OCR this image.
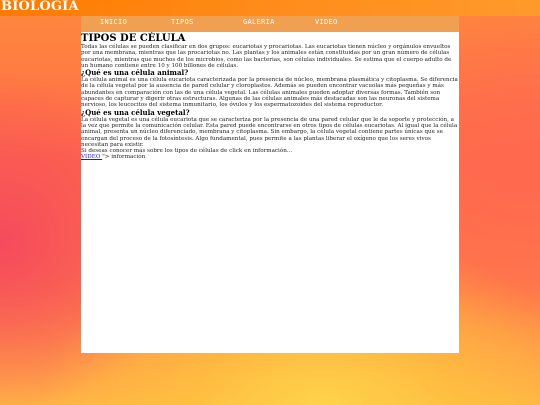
BIOLOGÍA
INICIO	TIPOS	GALERIA	VIDEO
TIPOS DE CÉLULA

Todas las células se pueden clasificar en dos grupos: eucariotas y procariotas. Las eucariotas tienen núcleo y orgánulos envueltos por una membrana, mientras que las procariotas no. Las plantas y los animales están constituidas por un gran número de células eucariotas, mientras que muchos de los microbios, como las bacterias, son células individuales. Se estima que el cuerpo adulto de un humano contiene entre 10 y 100 billones de células.

¿Qué es una célula animal?

La célula animal es una célula eucariota caracterizada por la presencia de núcleo, membrana plasmática y citoplasma. Se diferencia de la célula vegetal por la ausencia de pared celular y cloroplastos. Además se pueden encontrar vacuolas más pequeñas y más abundantes en comparación con las de una célula vegetal. Las células animales pueden adoptar diversas formas. También son capaces de capturar y digerir otras estructuras. Algunas de las células animales más destacadas son las neuronas del sistema nervioso, los leucocitos del sistema inmunitario, los óvulos y los espermatozoides del sistema reproductor.

¿Qué es una célula vegetal?

La célula vegetal es una célula eucariota que se caracteriza por la presencia de una pared celular que le da soporte y protección, a la vez que permite la comunicación celular. Esta pared puede encontrarse en otros tipos de células eucariotas. Al igual que la célula animal, presenta un núcleo diferenciado, membrana y citoplasma. Sin embargo, la célula vegetal contiene partes únicas que se encargan del proceso de la fotosíntesis. Algo fundamental, pues permite a las plantas liberar el oxígeno que los seres vivos necesitan para existir.

Si deseas conocer más sobre los tipos de células de click en información...

VIDEO "> información
